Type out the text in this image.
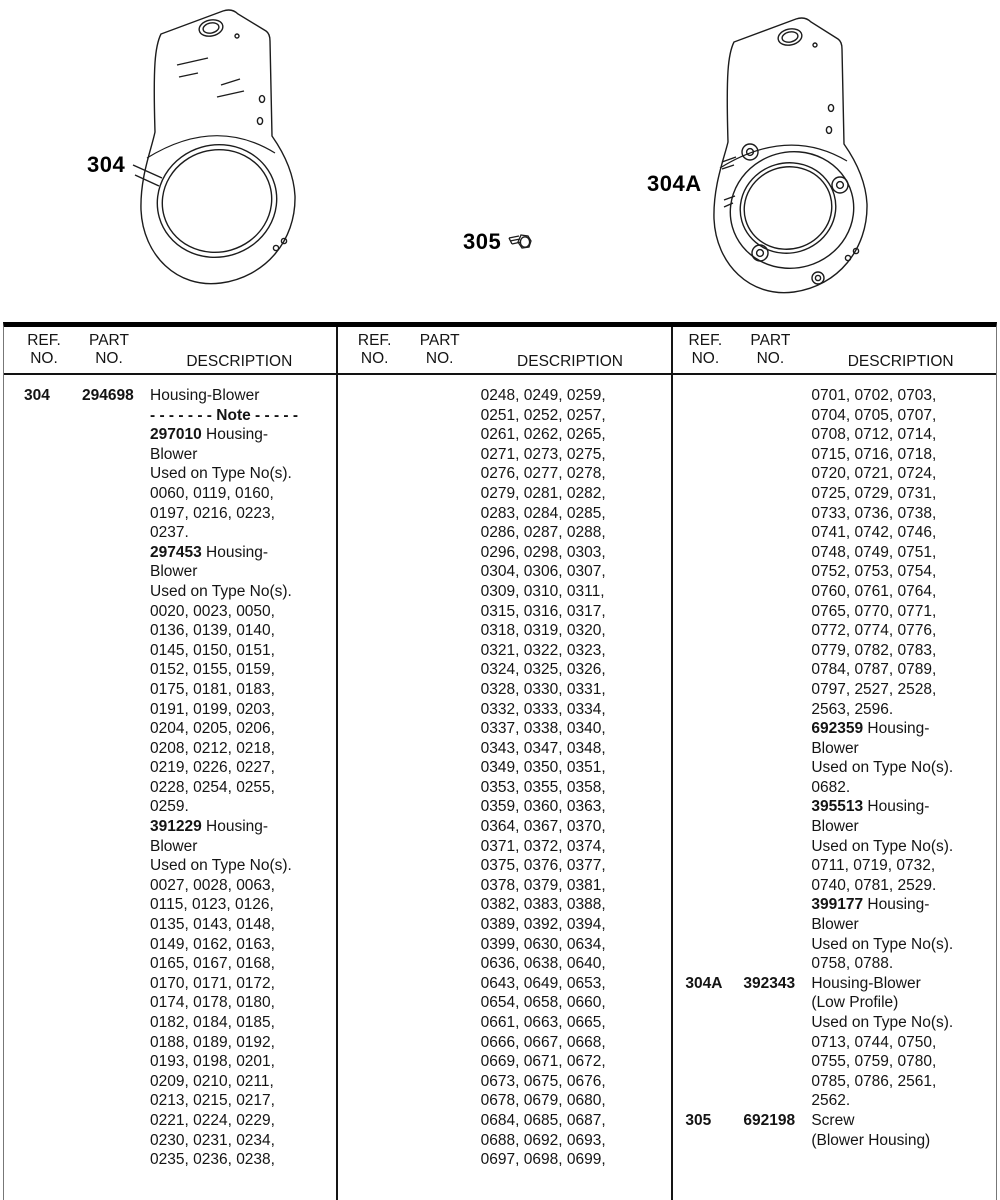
304
305
304A
REF.
NO.
PART
NO.	DESCRIPTION
REF.
NO.
PART
NO.	DESCRIPTION
REF.
NO.
PART
NO.	DESCRIPTION
304	294698	Housing-Blower
- - - - - - - Note - - - - -
297010 Housing-
Blower
Used on Type No(s).
0060, 0119, 0160,
0197, 0216, 0223,
0237.
297453 Housing-
Blower
Used on Type No(s).
0020, 0023, 0050,
0136, 0139, 0140,
0145, 0150, 0151,
0152, 0155, 0159,
0175, 0181, 0183,
0191, 0199, 0203,
0204, 0205, 0206,
0208, 0212, 0218,
0219, 0226, 0227,
0228, 0254, 0255,
0259.
391229 Housing-
Blower
Used on Type No(s).
0027, 0028, 0063,
0115, 0123, 0126,
0135, 0143, 0148,
0149, 0162, 0163,
0165, 0167, 0168,
0170, 0171, 0172,
0174, 0178, 0180,
0182, 0184, 0185,
0188, 0189, 0192,
0193, 0198, 0201,
0209, 0210, 0211,
0213, 0215, 0217,
0221, 0224, 0229,
0230, 0231, 0234,
0235, 0236, 0238,
0248, 0249, 0259,
0251, 0252, 0257,
0261, 0262, 0265,
0271, 0273, 0275,
0276, 0277, 0278,
0279, 0281, 0282,
0283, 0284, 0285,
0286, 0287, 0288,
0296, 0298, 0303,
0304, 0306, 0307,
0309, 0310, 0311,
0315, 0316, 0317,
0318, 0319, 0320,
0321, 0322, 0323,
0324, 0325, 0326,
0328, 0330, 0331,
0332, 0333, 0334,
0337, 0338, 0340,
0343, 0347, 0348,
0349, 0350, 0351,
0353, 0355, 0358,
0359, 0360, 0363,
0364, 0367, 0370,
0371, 0372, 0374,
0375, 0376, 0377,
0378, 0379, 0381,
0382, 0383, 0388,
0389, 0392, 0394,
0399, 0630, 0634,
0636, 0638, 0640,
0643, 0649, 0653,
0654, 0658, 0660,
0661, 0663, 0665,
0666, 0667, 0668,
0669, 0671, 0672,
0673, 0675, 0676,
0678, 0679, 0680,
0684, 0685, 0687,
0688, 0692, 0693,
0697, 0698, 0699,
0701, 0702, 0703,
0704, 0705, 0707,
0708, 0712, 0714,
0715, 0716, 0718,
0720, 0721, 0724,
0725, 0729, 0731,
0733, 0736, 0738,
0741, 0742, 0746,
0748, 0749, 0751,
0752, 0753, 0754,
0760, 0761, 0764,
0765, 0770, 0771,
0772, 0774, 0776,
0779, 0782, 0783,
0784, 0787, 0789,
0797, 2527, 2528,
2563, 2596.
692359 Housing-
Blower
Used on Type No(s).
0682.
395513 Housing-
Blower
Used on Type No(s).
0711, 0719, 0732,
0740, 0781, 2529.
399177 Housing-
Blower
Used on Type No(s).
0758, 0788.
304A	392343	Housing-Blower
(Low Profile)
Used on Type No(s).
0713, 0744, 0750,
0755, 0759, 0780,
0785, 0786, 2561,
2562.
305	692198	Screw
(Blower Housing)
